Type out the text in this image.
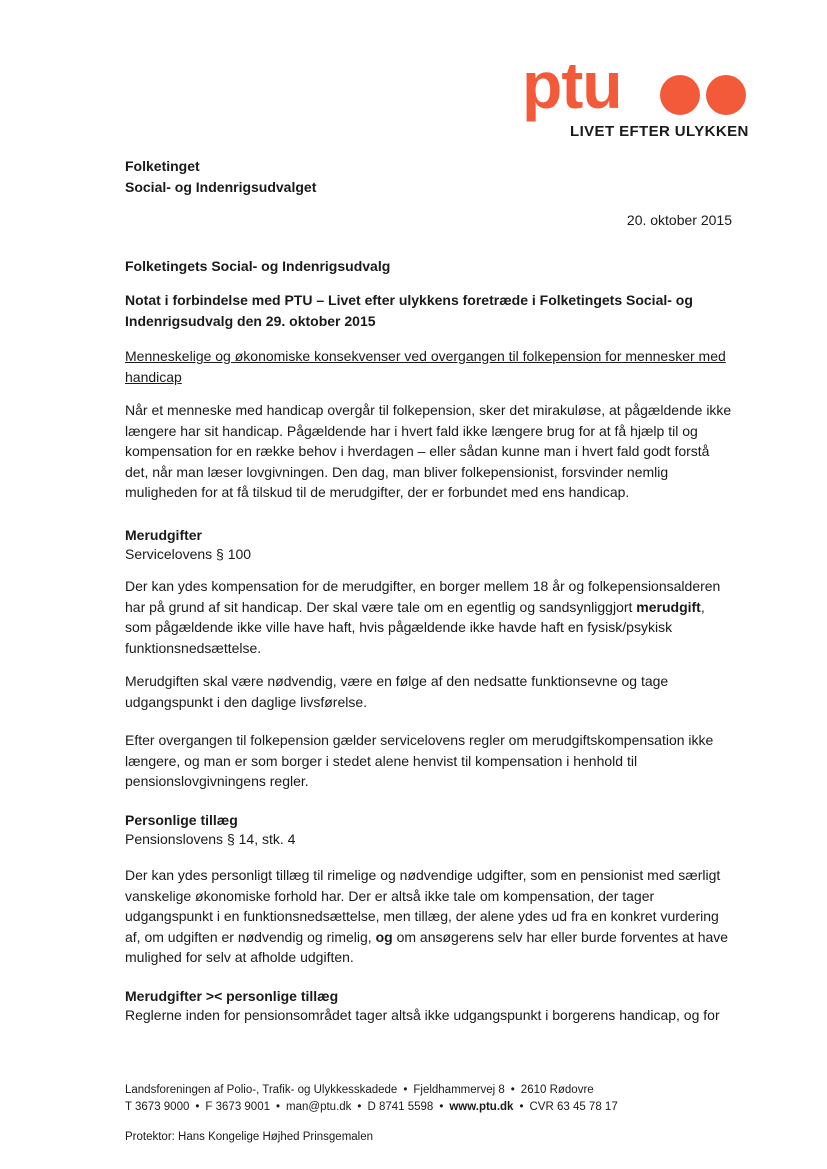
ptu
LIVET EFTER ULYKKEN
Folketinget
Social- og Indenrigsudvalget
20. oktober 2015
Folketingets Social- og Indenrigsudvalg
Notat i forbindelse med PTU – Livet efter ulykkens foretræde i Folketingets Social- og Indenrigsudvalg den 29. oktober 2015
Menneskelige og økonomiske konsekvenser ved overgangen til folkepension for mennesker med handicap
Når et menneske med handicap overgår til folkepension, sker det mirakuløse, at pågældende ikke længere har sit handicap. Pågældende har i hvert fald ikke længere brug for at få hjælp til og kompensation for en række behov i hverdagen – eller sådan kunne man i hvert fald godt forstå det, når man læser lovgivningen. Den dag, man bliver folkepensionist, forsvinder nemlig muligheden for at få tilskud til de merudgifter, der er forbundet med ens handicap.
Merudgifter
Servicelovens § 100
Der kan ydes kompensation for de merudgifter, en borger mellem 18 år og folkepensionsalderen har på grund af sit handicap. Der skal være tale om en egentlig og sandsynliggjort merudgift, som pågældende ikke ville have haft, hvis pågældende ikke havde haft en fysisk/psykisk funktionsnedsættelse.
Merudgiften skal være nødvendig, være en følge af den nedsatte funktionsevne og tage udgangspunkt i den daglige livsførelse.
Efter overgangen til folkepension gælder servicelovens regler om merudgiftskompensation ikke længere, og man er som borger i stedet alene henvist til kompensation i henhold til pensionslovgivningens regler.
Personlige tillæg
Pensionslovens § 14, stk. 4
Der kan ydes personligt tillæg til rimelige og nødvendige udgifter, som en pensionist med særligt vanskelige økonomiske forhold har. Der er altså ikke tale om kompensation, der tager udgangspunkt i en funktionsnedsættelse, men tillæg, der alene ydes ud fra en konkret vurdering af, om udgiften er nødvendig og rimelig, og om ansøgerens selv har eller burde forventes at have mulighed for selv at afholde udgiften.
Merudgifter >< personlige tillæg
Reglerne inden for pensionsområdet tager altså ikke udgangspunkt i borgerens handicap, og for
Landsforeningen af Polio-, Trafik- og Ulykkesskadede • Fjeldhammervej 8 • 2610 Rødovre
T 3673 9000 • F 3673 9001 • man@ptu.dk • D 8741 5598 • www.ptu.dk • CVR 63 45 78 17
Protektor: Hans Kongelige Højhed Prinsgemalen
